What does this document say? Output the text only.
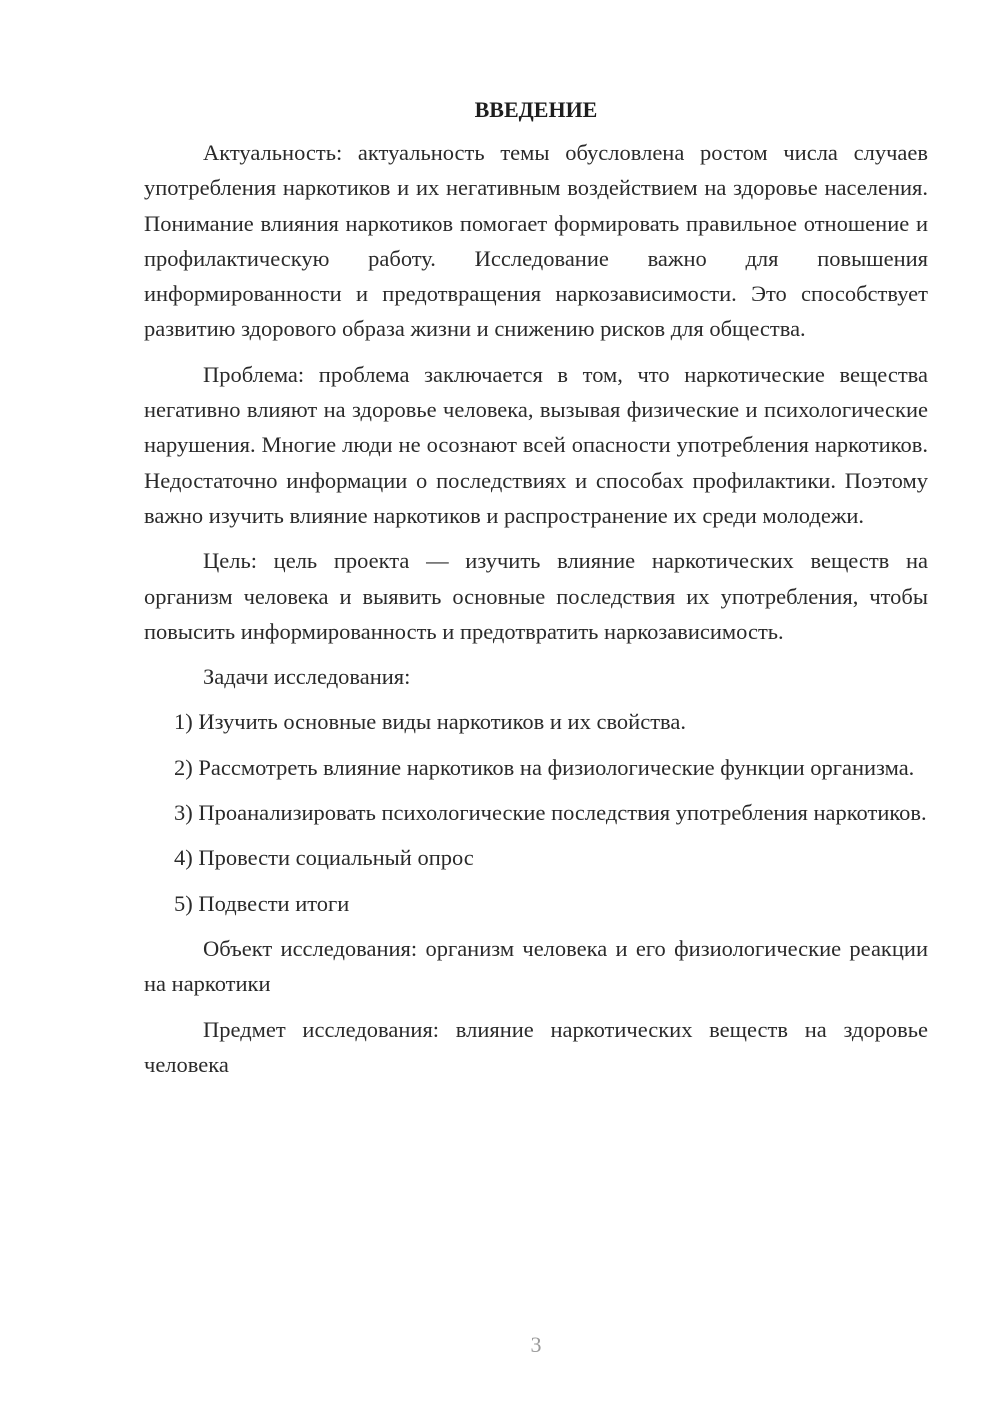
ВВЕДЕНИЕ

Актуальность: актуальность темы обусловлена ростом числа случаев употребления наркотиков и их негативным воздействием на здоровье населения. Понимание влияния наркотиков помогает формировать правильное отношение и профилактическую работу. Исследование важно для повышения информированности и предотвращения наркозависимости. Это способствует развитию здорового образа жизни и снижению рисков для общества.

Проблема: проблема заключается в том, что наркотические вещества негативно влияют на здоровье человека, вызывая физические и психологические нарушения. Многие люди не осознают всей опасности употребления наркотиков. Недостаточно информации о последствиях и способах профилактики. Поэтому важно изучить влияние наркотиков и распространение их среди молодежи.

Цель: цель проекта — изучить влияние наркотических веществ на организм человека и выявить основные последствия их употребления, чтобы повысить информированность и предотвратить наркозависимость.

Задачи исследования:

1) Изучить основные виды наркотиков и их свойства.

2) Рассмотреть влияние наркотиков на физиологические функции организма.

3) Проанализировать психологические последствия употребления наркотиков.

4) Провести социальный опрос

5) Подвести итоги

Объект исследования: организм человека и его физиологические реакции на наркотики

Предмет исследования: влияние наркотических веществ на здоровье человека

3
